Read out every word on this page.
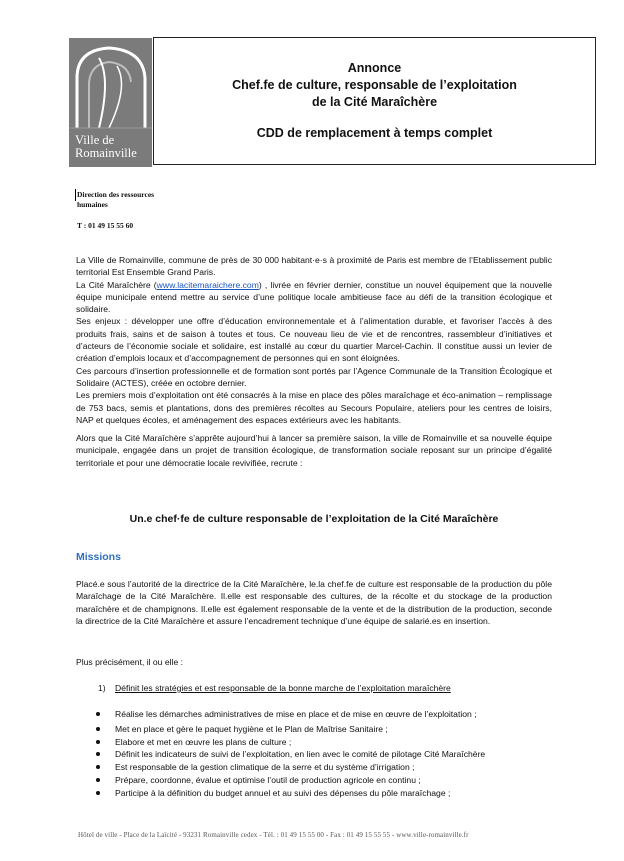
Ville de
Romainville
Annonce
Chef.fe de culture, responsable de l’exploitation
de la Cité Maraîchère
CDD de remplacement à temps complet
Direction des ressources
humaines
T : 01 49 15 55 60

La Ville de Romainville, commune de près de 30 000 habitant·e·s à proximité de Paris est membre de l’Etablissement public territorial Est Ensemble Grand Paris.

La Cité Maraîchère (www.lacitemaraichere.com) , livrée en février dernier, constitue un nouvel équipement que la nouvelle équipe municipale entend mettre au service d’une politique locale ambitieuse face au défi de la transition écologique et solidaire.

Ses enjeux : développer une offre d’éducation environnementale et à l’alimentation durable, et favoriser l’accès à des produits frais, sains et de saison à toutes et tous. Ce nouveau lieu de vie et de rencontres, rassembleur d’initiatives et d’acteurs de l’économie sociale et solidaire, est installé au cœur du quartier Marcel-Cachin. Il constitue aussi un levier de création d’emplois locaux et d’accompagnement de personnes qui en sont éloignées.

Ces parcours d’insertion professionnelle et de formation sont portés par l’Agence Communale de la Transition Écologique et Solidaire (ACTES), créée en octobre dernier.

Les premiers mois d’exploitation ont été consacrés à la mise en place des pôles maraîchage et éco-animation – remplissage de 753 bacs, semis et plantations, dons des premières récoltes au Secours Populaire, ateliers pour les centres de loisirs, NAP et quelques écoles, et aménagement des espaces extérieurs avec les habitants.

Alors que la Cité Maraîchère s’apprête aujourd’hui à lancer sa première saison, la ville de Romainville et sa nouvelle équipe municipale, engagée dans un projet de transition écologique, de transformation sociale reposant sur un principe d’égalité territoriale et pour une démocratie locale revivifiée, recrute :

Un.e chef·fe de culture responsable de l’exploitation de la Cité Maraîchère
Missions

Placé.e sous l’autorité de la directrice de la Cité Maraîchère, le.la chef.fe de culture est responsable de la production du pôle Maraîchage de la Cité Maraîchère. Il.elle est responsable des cultures, de la récolte et du stockage de la production maraîchère et de champignons. Il.elle est également responsable de la vente et de la distribution de la production, seconde la directrice de la Cité Maraîchère et assure l’encadrement technique d’une équipe de salarié.es en insertion.

Plus précisément, il ou elle :
1) Définit les stratégies et est responsable de la bonne marche de l’exploitation maraîchère
Réalise les démarches administratives de mise en place et de mise en œuvre de l’exploitation ;
Met en place et gère le paquet hygiène et le Plan de Maîtrise Sanitaire ;
Elabore et met en œuvre les plans de culture ;
Définit les indicateurs de suivi de l’exploitation, en lien avec le comité de pilotage Cité Maraîchère
Est responsable de la gestion climatique de la serre et du système d’irrigation ;
Prépare, coordonne, évalue et optimise l’outil de production agricole en continu ;
Participe à la définition du budget annuel et au suivi des dépenses du pôle maraîchage ;
Hôtel de ville - Place de la Laïcité - 93231 Romainville cedex - Tél. : 01 49 15 55 00 - Fax : 01 49 15 55 55 - www.ville-romainville.fr
